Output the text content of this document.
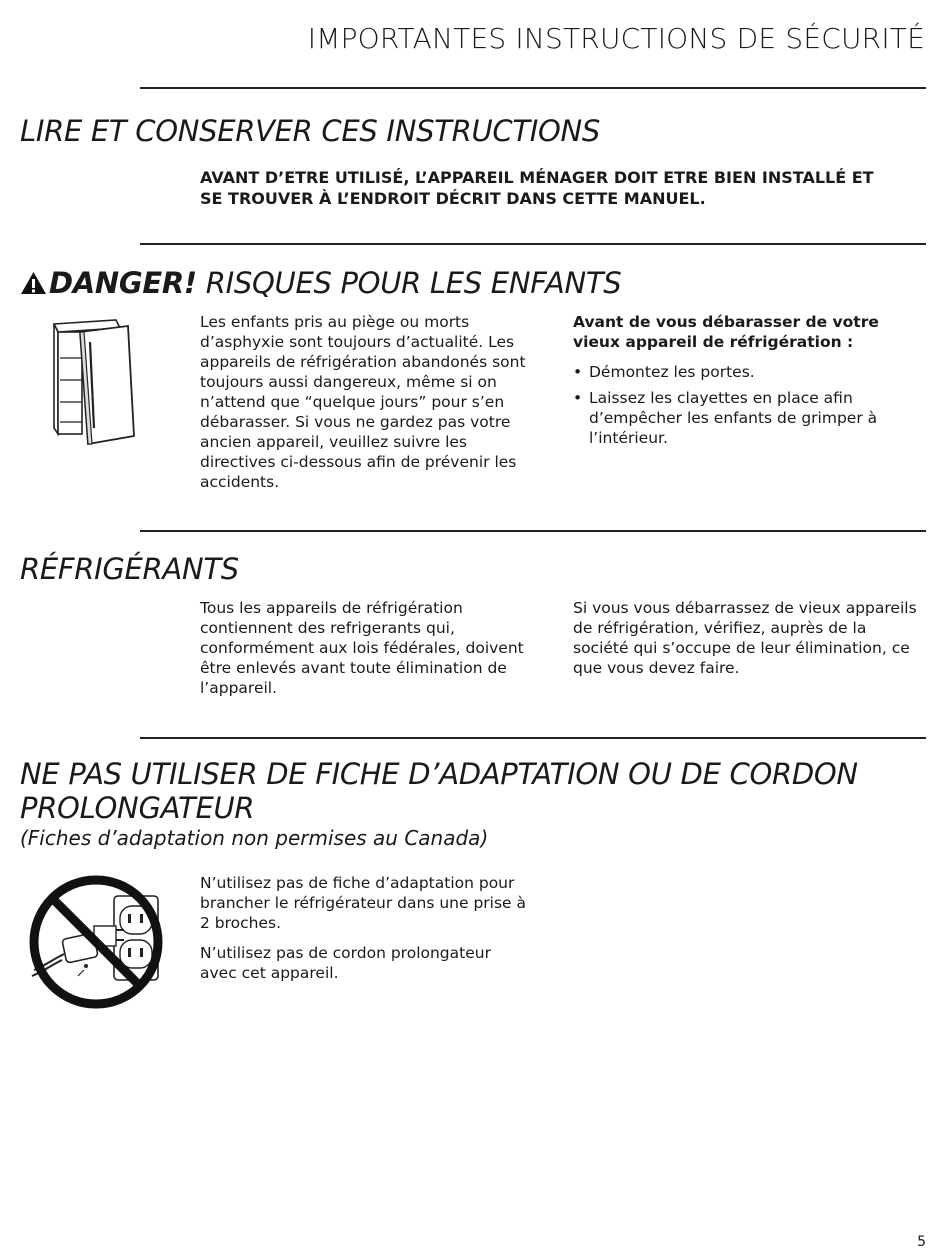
IMPORTANTES INSTRUCTIONS DE SÉCURITÉ
LIRE ET CONSERVER CES INSTRUCTIONS
AVANT D’ETRE UTILISÉ, L’APPAREIL MÉNAGER DOIT ETRE BIEN INSTALLÉ ET SE TROUVER À L’ENDROIT DÉCRIT DANS CETTE MANUEL.
DANGER! RISQUES POUR LES ENFANTS
Les enfants pris au piège ou morts d’asphyxie sont toujours d’actualité. Les appareils de réfrigération abandonés sont toujours aussi dangereux, même si on n’attend que “quelque jours” pour s’en débarasser. Si vous ne gardez pas votre ancien appareil, veuillez suivre les directives ci-dessous afin de prévenir les accidents.
Avant de vous débarasser de votre vieux appareil de réfrigération :
• Démontez les portes.
• Laissez les clayettes en place afin d’empêcher les enfants de grimper à l’intérieur.
RÉFRIGÉRANTS
Tous les appareils de réfrigération contiennent des refrigerants qui, conformément aux lois fédérales, doivent être enlevés avant toute élimination de l’appareil.
Si vous vous débarrassez de vieux appareils de réfrigération, vérifiez, auprès de la société qui s’occupe de leur élimination, ce que vous devez faire.
NE PAS UTILISER DE FICHE D’ADAPTATION OU DE CORDON PROLONGATEUR
(Fiches d’adaptation non permises au Canada)
N’utilisez pas de fiche d’adaptation pour brancher le réfrigérateur dans une prise à 2 broches.
N’utilisez pas de cordon prolongateur avec cet appareil.
5
